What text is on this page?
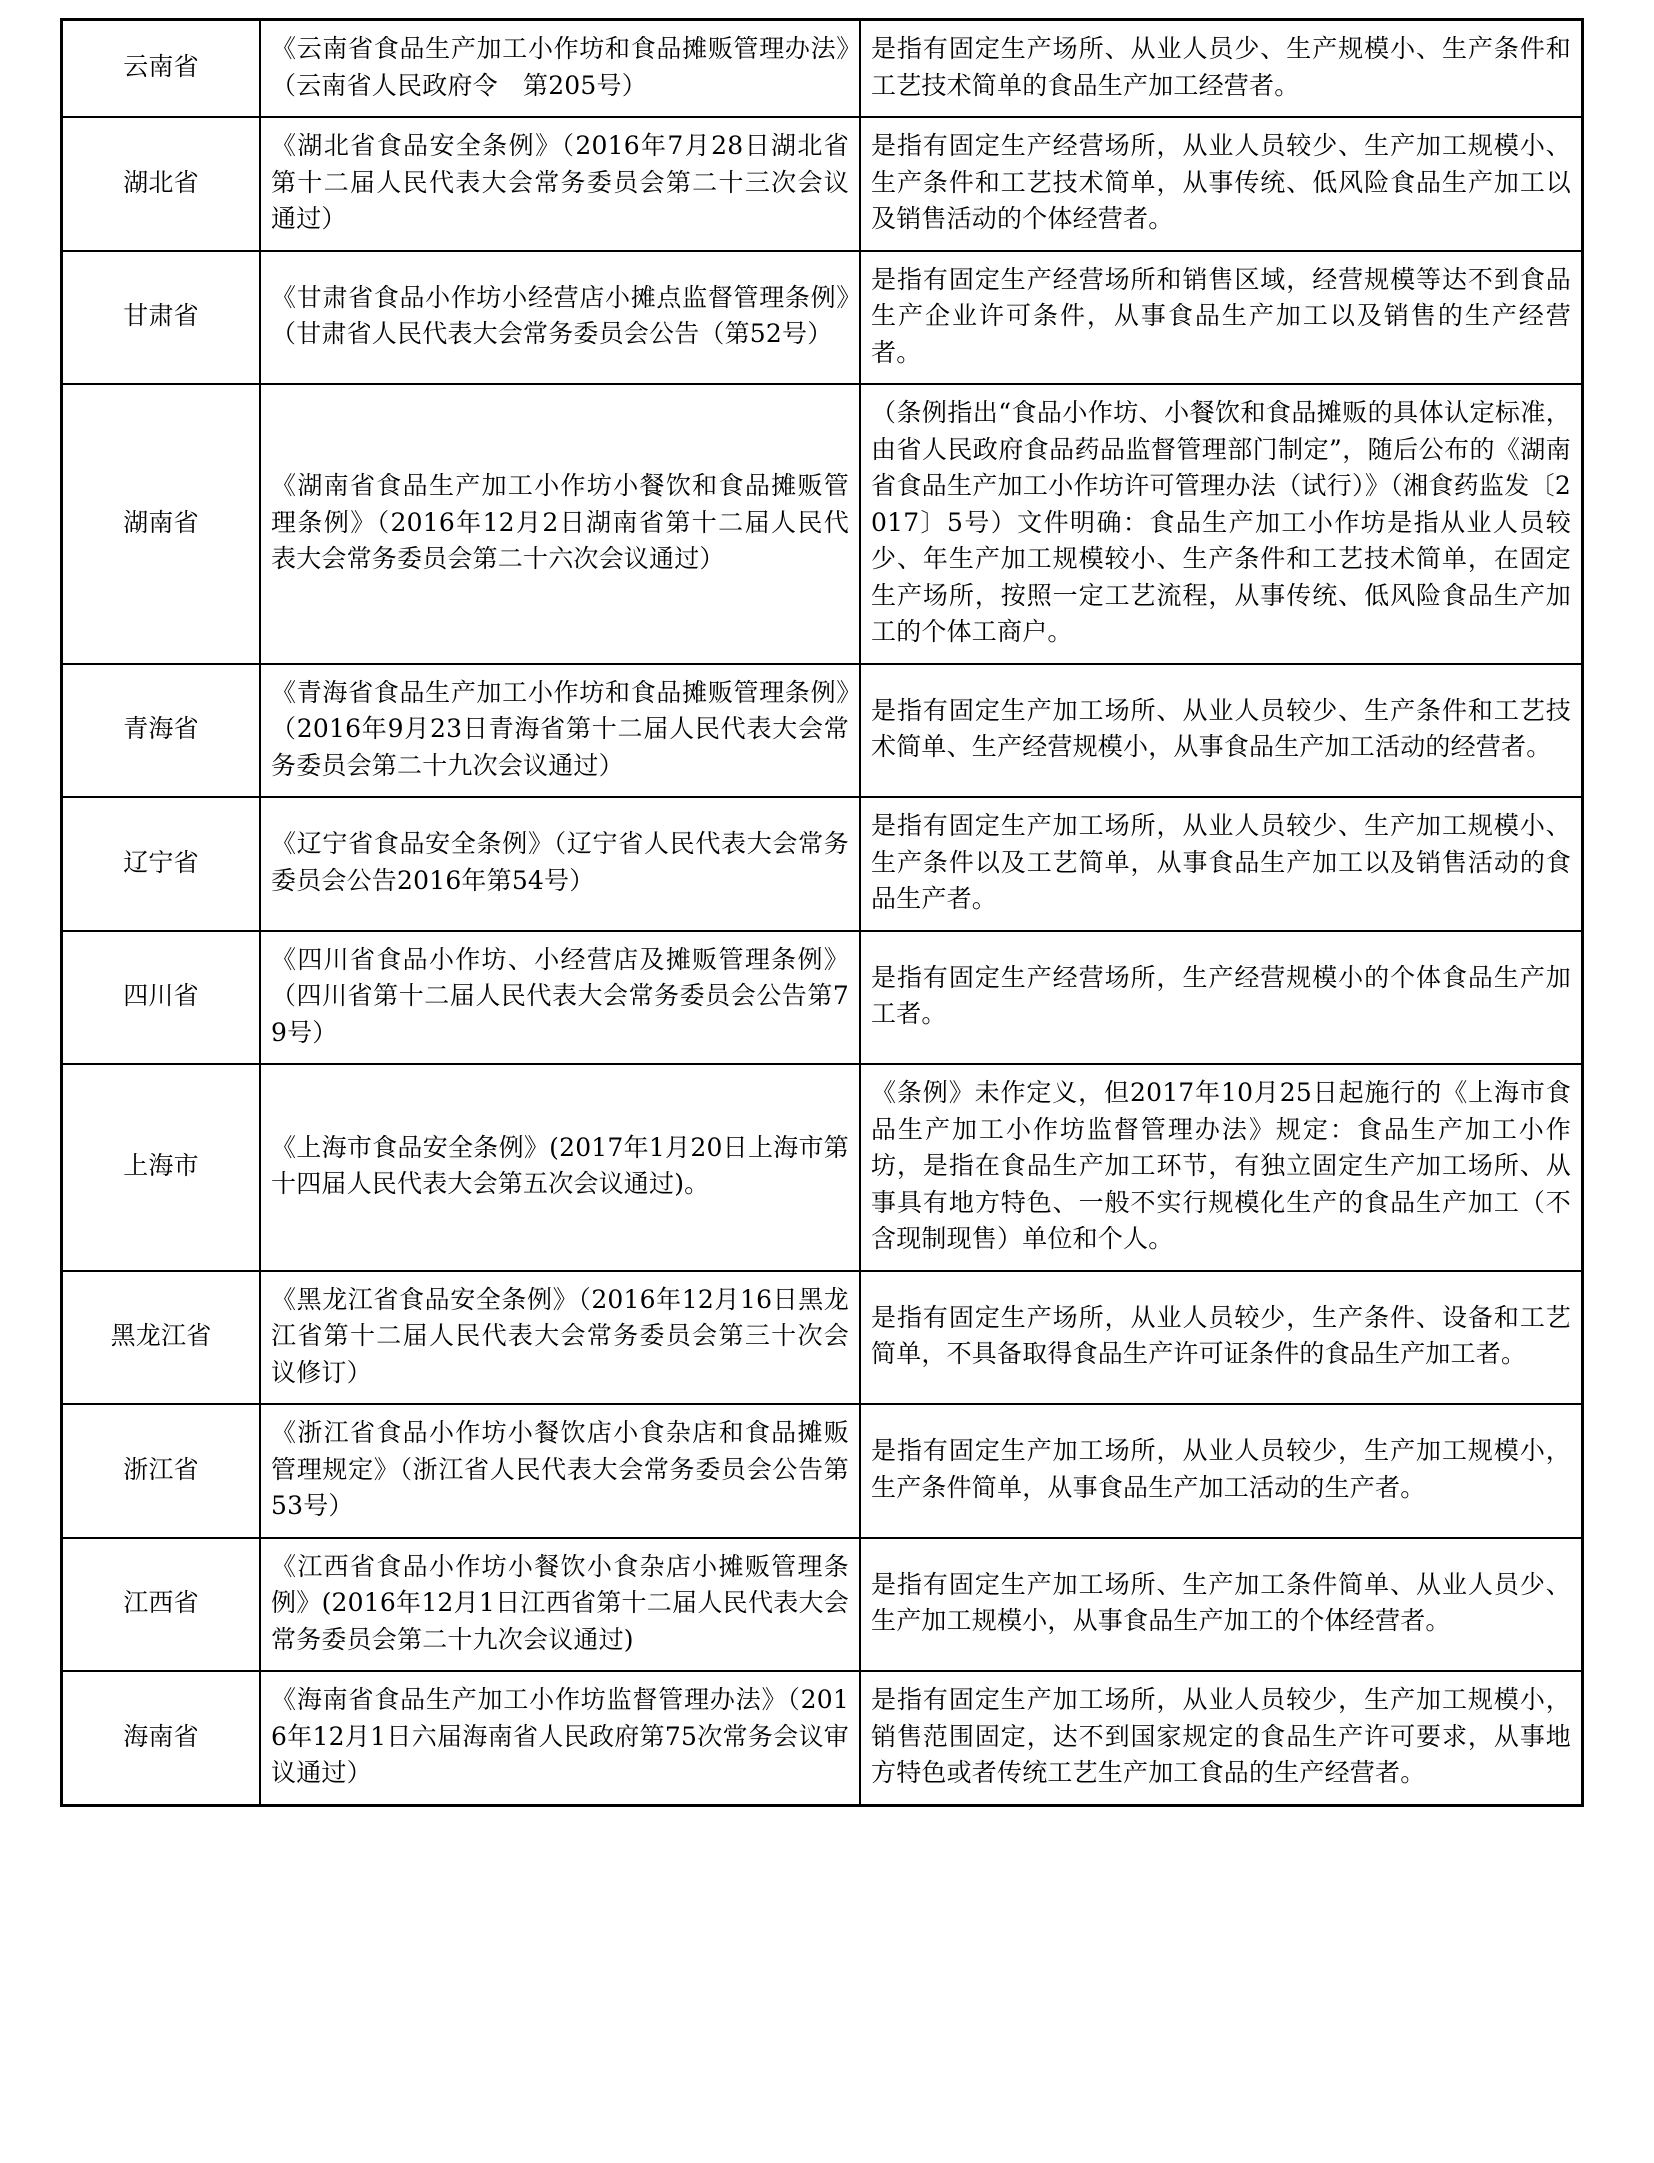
云南省	《云南省食品生产加工小作坊和食品摊贩管理办法》（云南省人民政府令　第205号）	是指有固定生产场所、从业人员少、生产规模小、生产条件和工艺技术简单的食品生产加工经营者。
湖北省	《湖北省食品安全条例》（2016年7月28日湖北省第十二届人民代表大会常务委员会第二十三次会议通过）	是指有固定生产经营场所，从业人员较少、生产加工规模小、生产条件和工艺技术简单，从事传统、低风险食品生产加工以及销售活动的个体经营者。
甘肃省	《甘肃省食品小作坊小经营店小摊点监督管理条例》（甘肃省人民代表大会常务委员会公告（第52号）	是指有固定生产经营场所和销售区域，经营规模等达不到食品生产企业许可条件，从事食品生产加工以及销售的生产经营者。
湖南省	《湖南省食品生产加工小作坊小餐饮和食品摊贩管理条例》（2016年12月2日湖南省第十二届人民代表大会常务委员会第二十六次会议通过）	（条例指出“食品小作坊、小餐饮和食品摊贩的具体认定标准，由省人民政府食品药品监督管理部门制定”，随后公布的《湖南省食品生产加工小作坊许可管理办法（试行）》（湘食药监发〔2017〕5号）文件明确：食品生产加工小作坊是指从业人员较少、年生产加工规模较小、生产条件和工艺技术简单，在固定生产场所，按照一定工艺流程，从事传统、低风险食品生产加工的个体工商户。
青海省	《青海省食品生产加工小作坊和食品摊贩管理条例》（2016年9月23日青海省第十二届人民代表大会常务委员会第二十九次会议通过）	是指有固定生产加工场所、从业人员较少、生产条件和工艺技术简单、生产经营规模小，从事食品生产加工活动的经营者。
辽宁省	《辽宁省食品安全条例》（辽宁省人民代表大会常务委员会公告2016年第54号）	是指有固定生产加工场所，从业人员较少、生产加工规模小、生产条件以及工艺简单，从事食品生产加工以及销售活动的食品生产者。
四川省	《四川省食品小作坊、小经营店及摊贩管理条例》（四川省第十二届人民代表大会常务委员会公告第79号）	是指有固定生产经营场所，生产经营规模小的个体食品生产加工者。
上海市	《上海市食品安全条例》(2017年1月20日上海市第十四届人民代表大会第五次会议通过)。	《条例》未作定义，但2017年10月25日起施行的《上海市食品生产加工小作坊监督管理办法》规定：食品生产加工小作坊，是指在食品生产加工环节，有独立固定生产加工场所、从事具有地方特色、一般不实行规模化生产的食品生产加工（不含现制现售）单位和个人。
黑龙江省	《黑龙江省食品安全条例》（2016年12月16日黑龙江省第十二届人民代表大会常务委员会第三十次会议修订）	是指有固定生产场所，从业人员较少，生产条件、设备和工艺简单，不具备取得食品生产许可证条件的食品生产加工者。
浙江省	《浙江省食品小作坊小餐饮店小食杂店和食品摊贩管理规定》（浙江省人民代表大会常务委员会公告第53号）	是指有固定生产加工场所，从业人员较少，生产加工规模小，生产条件简单，从事食品生产加工活动的生产者。
江西省	《江西省食品小作坊小餐饮小食杂店小摊贩管理条例》(2016年12月1日江西省第十二届人民代表大会常务委员会第二十九次会议通过)	是指有固定生产加工场所、生产加工条件简单、从业人员少、生产加工规模小，从事食品生产加工的个体经营者。
海南省	《海南省食品生产加工小作坊监督管理办法》（2016年12月1日六届海南省人民政府第75次常务会议审议通过）	是指有固定生产加工场所，从业人员较少，生产加工规模小，销售范围固定，达不到国家规定的食品生产许可要求，从事地方特色或者传统工艺生产加工食品的生产经营者。
